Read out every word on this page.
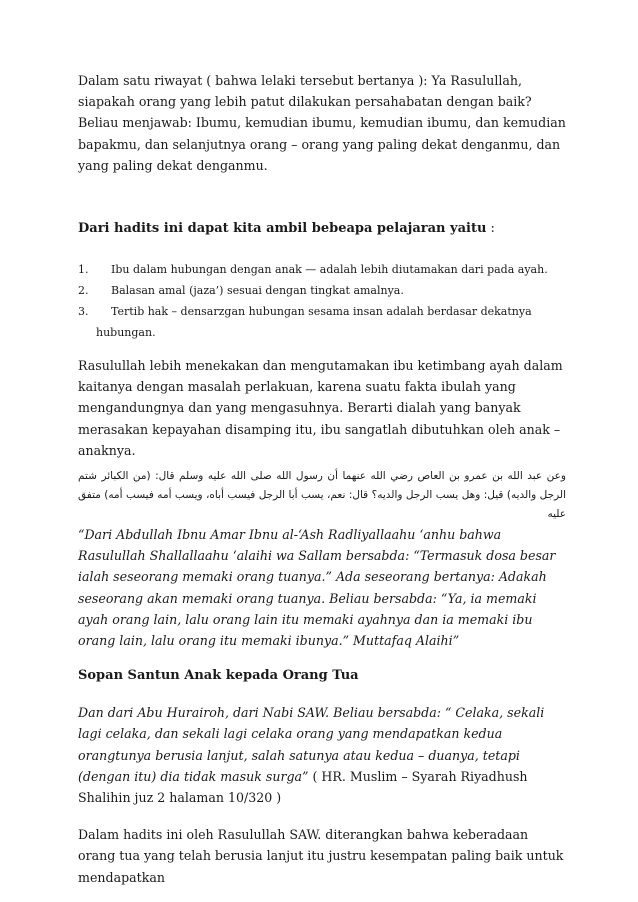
Dalam satu riwayat ( bahwa lelaki tersebut bertanya ): Ya Rasulullah, siapakah orang yang lebih patut dilakukan persahabatan dengan baik? Beliau menjawab: Ibumu, kemudian ibumu, kemudian ibumu, dan kemudian bapakmu, dan selanjutnya orang – orang yang paling dekat denganmu, dan yang paling dekat denganmu.

Dari hadits ini dapat kita ambil bebeapa pelajaran yaitu :

1. Ibu dalam hubungan dengan anak — adalah lebih diutamakan dari pada ayah.
2. Balasan amal (jaza’) sesuai dengan tingkat amalnya.
3. Tertib hak – densarzgan hubungan sesama insan adalah berdasar dekatnya
hubungan.

Rasulullah lebih menekakan dan mengutamakan ibu ketimbang ayah dalam kaitanya dengan masalah perlakuan, karena suatu fakta ibulah yang mengandungnya dan yang mengasuhnya. Berarti dialah yang banyak merasakan kepayahan disamping itu, ibu sangatlah dibutuhkan oleh anak – anaknya.

وعن عبد الله بن عمرو بن العاص رضي الله عنهما أن رسول الله صلى الله عليه وسلم قال: (من الكبائر شتم الرجل والديه) قيل: وهل يسب الرجل والديه؟ قال: نعم، يسب أبا الرجل فيسب أباه، ويسب أمه فيسب أمه) متفق عليه

“Dari Abdullah Ibnu Amar Ibnu al-‘Ash Radliyallaahu ‘anhu bahwa Rasulullah Shallallaahu ‘alaihi wa Sallam bersabda: “Termasuk dosa besar ialah seseorang memaki orang tuanya.” Ada seseorang bertanya: Adakah seseorang akan memaki orang tuanya. Beliau bersabda: “Ya, ia memaki ayah orang lain, lalu orang lain itu memaki ayahnya dan ia memaki ibu orang lain, lalu orang itu memaki ibunya.” Muttafaq Alaihi”

Sopan Santun Anak kepada Orang Tua

Dan dari Abu Hurairoh, dari Nabi SAW. Beliau bersabda: “ Celaka, sekali lagi celaka, dan sekali lagi celaka orang yang mendapatkan kedua orangtunya berusia lanjut, salah satunya atau kedua – duanya, tetapi (dengan itu) dia tidak masuk surga” ( HR. Muslim – Syarah Riyadhush Shalihin juz 2 halaman 10/320 )

Dalam hadits ini oleh Rasulullah SAW. diterangkan bahwa keberadaan orang tua yang telah berusia lanjut itu justru kesempatan paling baik untuk mendapatkan
